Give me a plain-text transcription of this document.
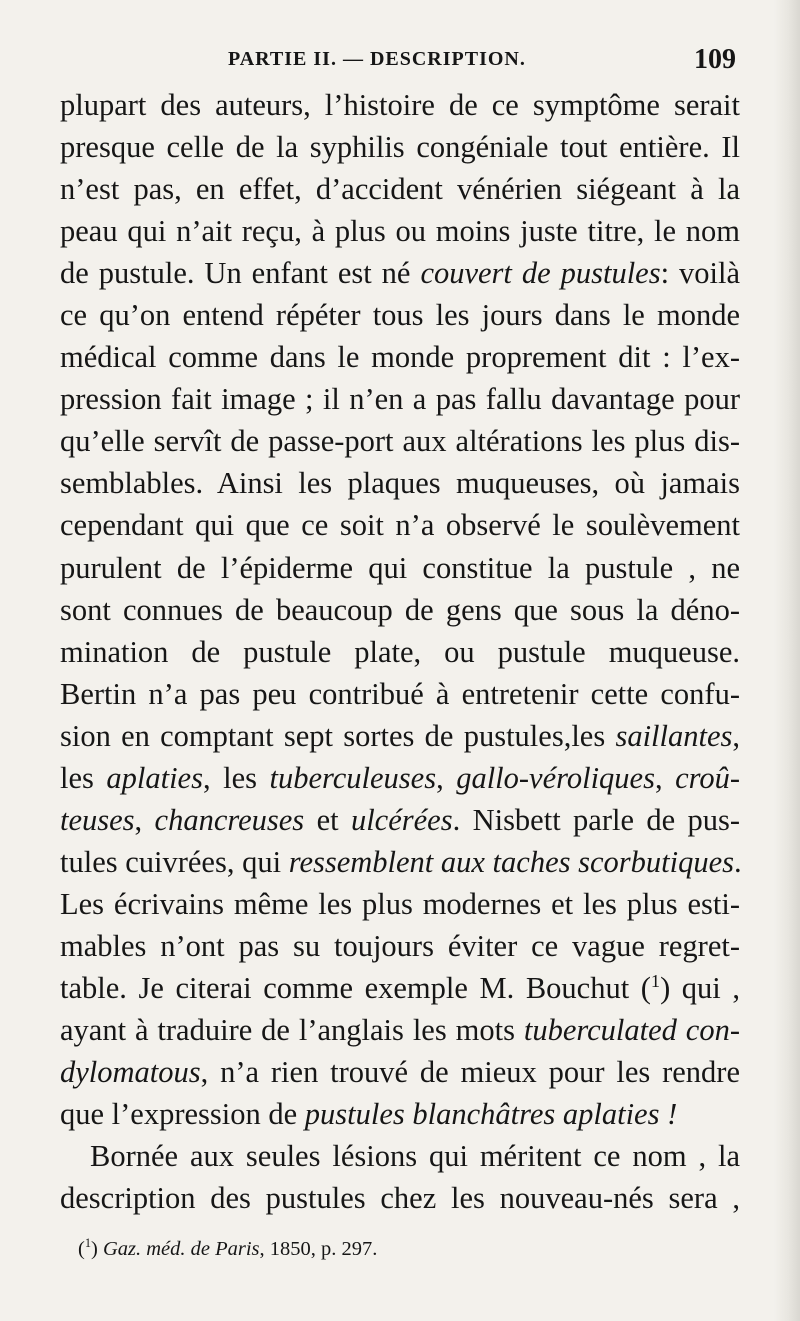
PARTIE II. — DESCRIPTION.	109
plupart des auteurs, l’histoire de ce symptôme serait
presque celle de la syphilis congéniale tout entière. Il
n’est pas, en effet, d’accident vénérien siégeant à la
peau qui n’ait reçu, à plus ou moins juste titre, le nom
de pustule. Un enfant est né couvert de pustules: voilà
ce qu’on entend répéter tous les jours dans le monde
médical comme dans le monde proprement dit : l’ex-
pression fait image ; il n’en a pas fallu davantage pour
qu’elle servît de passe-port aux altérations les plus dis-
semblables. Ainsi les plaques muqueuses, où jamais
cependant qui que ce soit n’a observé le soulèvement
purulent de l’épiderme qui constitue la pustule , ne
sont connues de beaucoup de gens que sous la déno-
mination de pustule plate, ou pustule muqueuse.
Bertin n’a pas peu contribué à entretenir cette confu-
sion en comptant sept sortes de pustules,les saillantes,
les aplaties, les tuberculeuses, gallo-véroliques, croû-
teuses, chancreuses et ulcérées. Nisbett parle de pus-
tules cuivrées, qui ressemblent aux taches scorbutiques.
Les écrivains même les plus modernes et les plus esti-
mables n’ont pas su toujours éviter ce vague regret-
table. Je citerai comme exemple M. Bouchut ($^1$) qui ,
ayant à traduire de l’anglais les mots tuberculated con-
dylomatous, n’a rien trouvé de mieux pour les rendre
que l’expression de pustules blanchâtres aplaties !
Bornée aux seules lésions qui méritent ce nom , la
description des pustules chez les nouveau-nés sera ,
($^1$) Gaz. méd. de Paris, 1850, p. 297.
